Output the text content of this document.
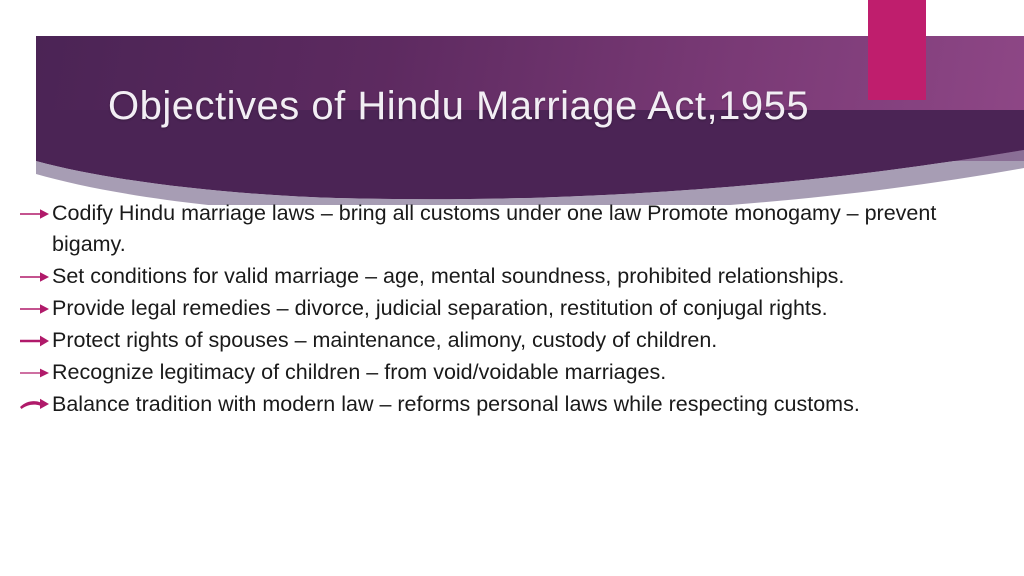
Objectives of Hindu Marriage Act,1955
Codify Hindu marriage laws – bring all customs under one law Promote monogamy – prevent bigamy.
Set conditions for valid marriage – age, mental soundness, prohibited relationships.
Provide legal remedies – divorce, judicial separation, restitution of conjugal rights.
Protect rights of spouses – maintenance, alimony, custody of children.
Recognize legitimacy of children – from void/voidable marriages.
Balance tradition with modern law – reforms personal laws while respecting customs.
